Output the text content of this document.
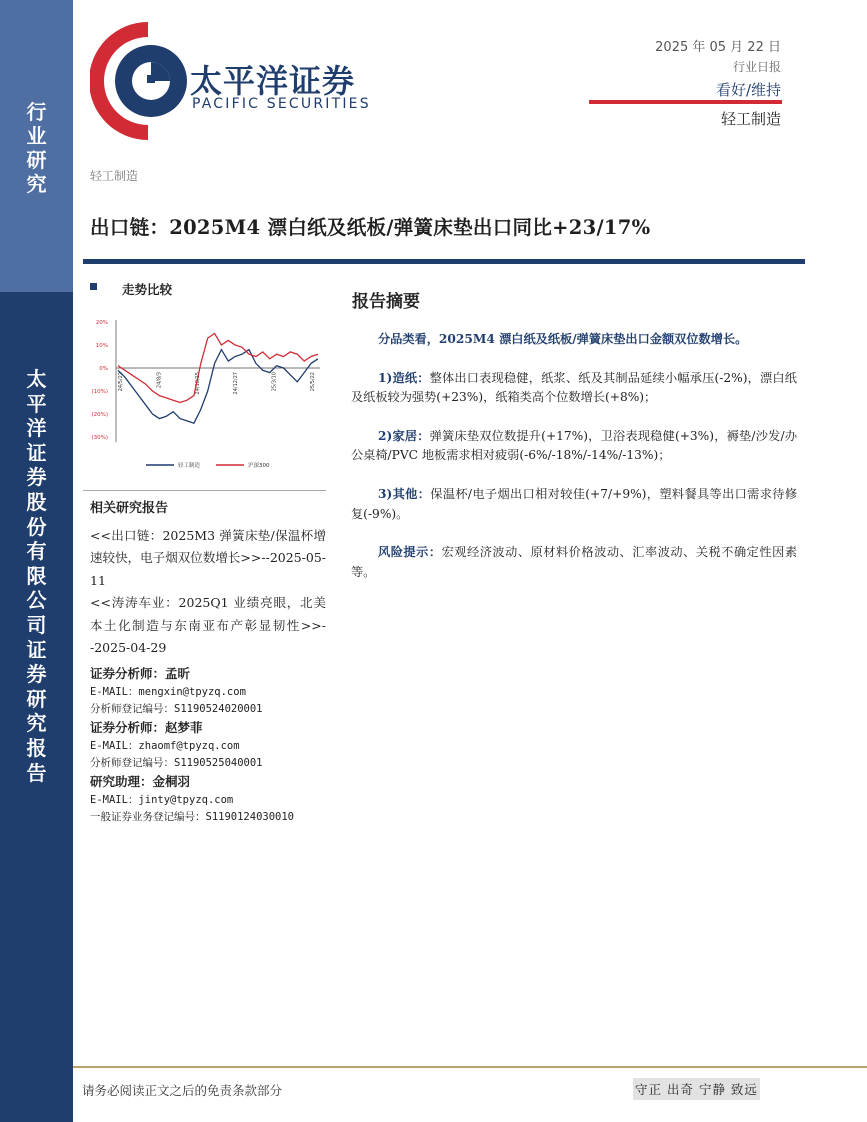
行业研究
太平洋证券股份有限公司证券研究报告
太平洋证券
PACIFIC SECURITIES
2025 年 05 月 22 日
行业日报
看好/维持
轻工制造
轻工制造
出口链：2025M4 漂白纸及纸板/弹簧床垫出口同比+23/17%
走势比较
20%
10%
0%
(10%)
(20%)
(30%)
24/5/22	24/8/3	24/10/15	24/12/27	25/3/10	25/5/22
轻工制造	沪深300
相关研究报告

<<出口链：2025M3 弹簧床垫/保温杯增速较快，电子烟双位数增长>>--2025-05-11

<<涛涛车业：2025Q1 业绩亮眼，北美本土化制造与东南亚布产彰显韧性>>--2025-04-29

证券分析师：孟昕
E-MAIL：mengxin@tpyzq.com
分析师登记编号：S1190524020001
证券分析师：赵梦菲
E-MAIL：zhaomf@tpyzq.com
分析师登记编号：S1190525040001
研究助理：金桐羽
E-MAIL：jinty@tpyzq.com
一般证券业务登记编号：S1190124030010
报告摘要

分品类看，2025M4 漂白纸及纸板/弹簧床垫出口金额双位数增长。

1)造纸：整体出口表现稳健，纸浆、纸及其制品延续小幅承压(-2%)，漂白纸及纸板较为强势(+23%)，纸箱类高个位数增长(+8%)；

2)家居：弹簧床垫双位数提升(+17%)，卫浴表现稳健(+3%)，褥垫/沙发/办公桌椅/PVC 地板需求相对疲弱(-6%/-18%/-14%/-13%)；

3)其他：保温杯/电子烟出口相对较佳(+7/+9%)，塑料餐具等出口需求待修复(-9%)。

风险提示：宏观经济波动、原材料价格波动、汇率波动、关税不确定性因素等。

请务必阅读正文之后的免责条款部分	守正 出奇 宁静 致远
